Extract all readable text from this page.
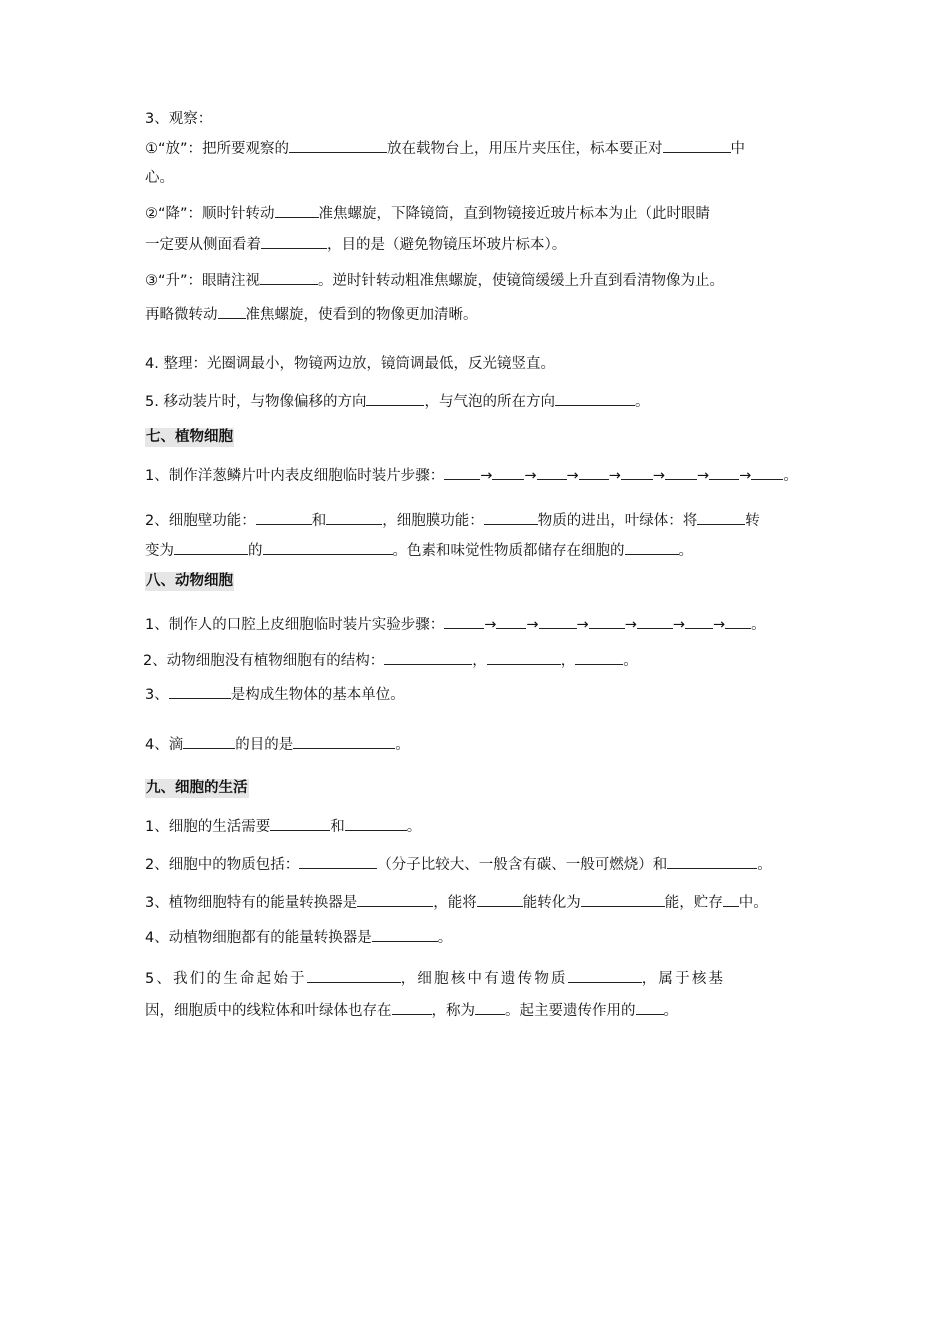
3、观察：
①“放”：把所要观察的	放在载物台上，用压片夹压住，标本要正对	中
心。
②“降”：顺时针转动	准焦螺旋，下降镜筒，直到物镜接近玻片标本为止（此时眼睛
一定要从侧面看着	，目的是（避免物镜压坏玻片标本）。
③“升”：眼睛注视	。逆时针转动粗准焦螺旋，使镜筒缓缓上升直到看清物像为止。
再略微转动 准焦螺旋，使看到的物像更加清晰。
4. 整理：光圈调最小，物镜两边放，镜筒调最低，反光镜竖直。
5. 移动装片时，与物像偏移的方向	，与气泡的所在方向	。
七、植物细胞
1、制作洋葱鳞片叶内表皮细胞临时装片步骤： → → → → → → → 。
2、细胞壁功能：	和	，细胞膜功能：	物质的进出，叶绿体：将	转
变为	的	。色素和味觉性物质都储存在细胞的	。
八、动物细胞
1、制作人的口腔上皮细胞临时装片实验步骤：	→ →	→ → → → 。
2、动物细胞没有植物细胞有的结构：	，	，	。
3、	是构成生物体的基本单位。
4、滴	的目的是	。
九、细胞的生活
1、细胞的生活需要	和	。
2、细胞中的物质包括：	（分子比较大、一般含有碳、一般可燃烧）和	。
3、植物细胞特有的能量转换器是	，能将	能转化为	能，贮存 中。
4、动植物细胞都有的能量转换器是	。
5、我们的生命起始于	，细胞核中有遗传物质	，属于核基
因，细胞质中的线粒体和叶绿体也存在	，称为 。起主要遗传作用的 。
